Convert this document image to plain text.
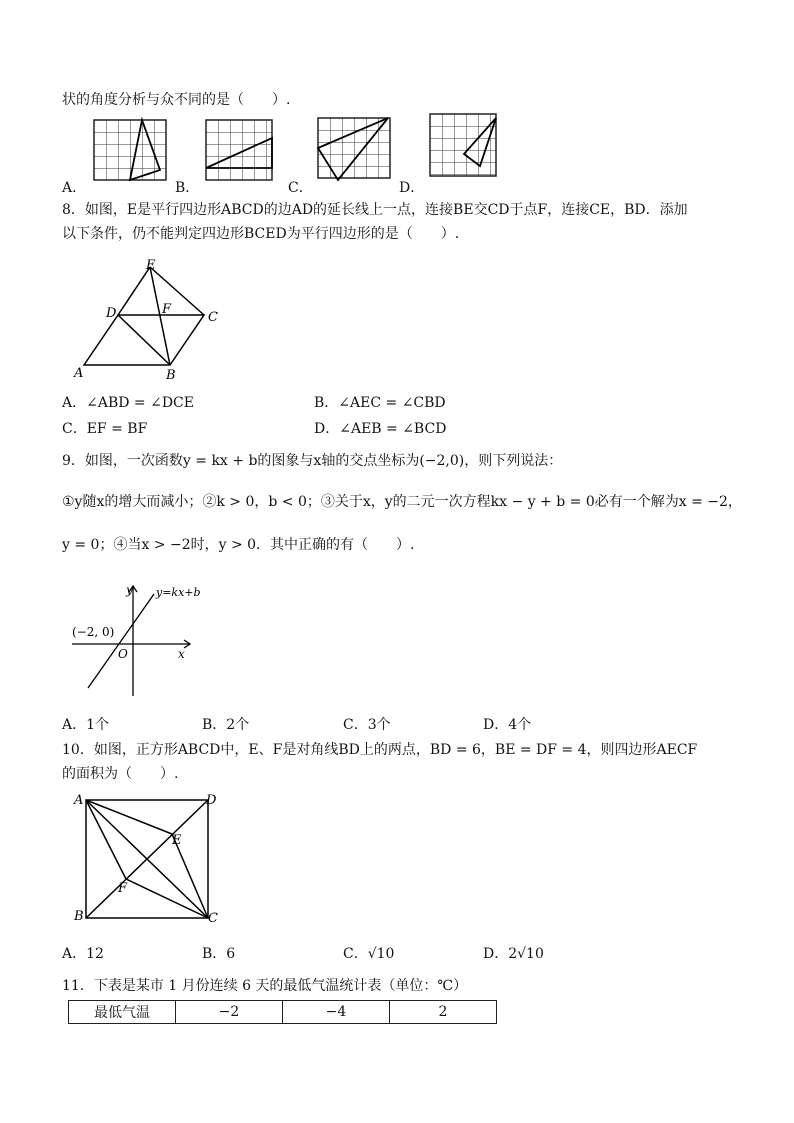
状的角度分析与众不同的是（　　）.
A．	B．	C．	D．
8．如图，E是平行四边形ABCD的边AD的延长线上一点，连接BE交CD于点F，连接CE，BD．添加
以下条件，仍不能判定四边形BCED为平行四边形的是（　　）.
E
D	F
C
A	B
A．∠ABD = ∠DCE	B．∠AEC = ∠CBD
C．EF = BF	D．∠AEB = ∠BCD
9．如图，一次函数y = kx + b的图象与x轴的交点坐标为(−2,0)，则下列说法：
①y随x的增大而减小；②k > 0，b < 0；③关于x，y的二元一次方程kx − y + b = 0必有一个解为x = −2，
y = 0；④当x > −2时，y > 0．其中正确的有（　　）.
y
x
O
y=kx+b
(−2, 0)
A．1个	B．2个	C．3个	D．4个
10．如图，正方形ABCD中，E、F是对角线BD上的两点，BD = 6，BE = DF = 4，则四边形AECF
的面积为（　　）.
A	D
B	C
E
F
A．12	B．6	C．√10	D．2√10
11．下表是某市 1 月份连续 6 天的最低气温统计表（单位：℃）
最低气温	−2	−4	2
